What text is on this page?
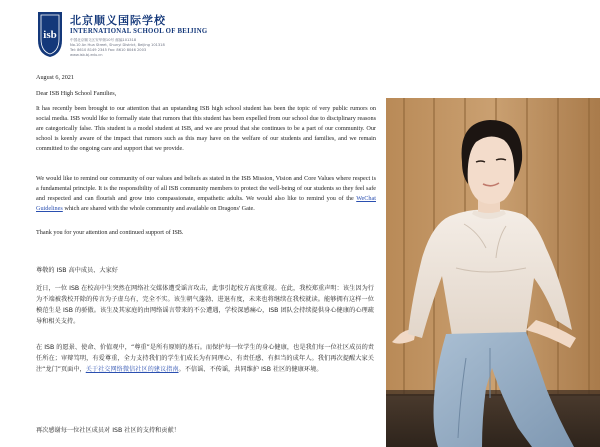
isb
北京顺义国际学校
INTERNATIONAL SCHOOL OF BEIJING
中国北京顺义区安华街10号 邮编101318
No.10 An Hua Street, Shunyi District, Beijing 101318
Tel: 8610 8149 2345 Fax: 8610 8046 2003
www.isb.bj.edu.cn
August 6, 2021
Dear ISB High School Families,

It has recently been brought to our attention that an upstanding ISB high school student has been the topic of very public rumors on social media. ISB would like to formally state that rumors that this student has been expelled from our school due to disciplinary reasons are categorically false. This student is a model student at ISB, and we are proud that she continues to be a part of our community. Our school is keenly aware of the impact that rumors such as this may have on the welfare of our students and families, and we remain committed to the ongoing care and support that we provide.

We would like to remind our community of our values and beliefs as stated in the ISB Mission, Vision and Core Values where respect is a fundamental principle. It is the responsibility of all ISB community members to protect the well-being of our students so they feel safe and respected and can flourish and grow into compassionate, empathetic adults. We would also like to remind you of the WeChat Guidelines which are shared with the whole community and available on Dragons' Gate.

Thank you for your attention and continued support of ISB.
尊敬的 ISB 高中成员、大家好

近日，一位 ISB 在校高中生突然在网络社交媒体遭受谣言攻击，此事引起校方高度重视。在此，我校郑重声明：该生因为行为不端被我校开除的传言为子虚乌有，完全不实。该生朝气蓬勃、进退有度，未来也将继续在我校就读。能够拥有这样一位模范生是 ISB 的骄傲。该生及其家庭的由网络谣言带来的不公遭遇，学校深感痛心，ISB 团队会持续提供身心健康的心理疏导和相关支持。

在 ISB 的愿景、使命、价值观中，“尊重”是所有原则的基石。而保护每一位学生的身心健康，也是我们每一位社区成员的责任所在；审辩笃明，有爱尊重，全力支持我们的学生们成长为有同理心、有责任感、有担当的成年人。我们再次提醒大家关注“龙门”页面中，关于社交网络微信社区的建议指南。不信谣、不传谣，共同维护 ISB 社区的健康环境。

再次感谢每一位社区成员对 ISB 社区的支持和贡献！
